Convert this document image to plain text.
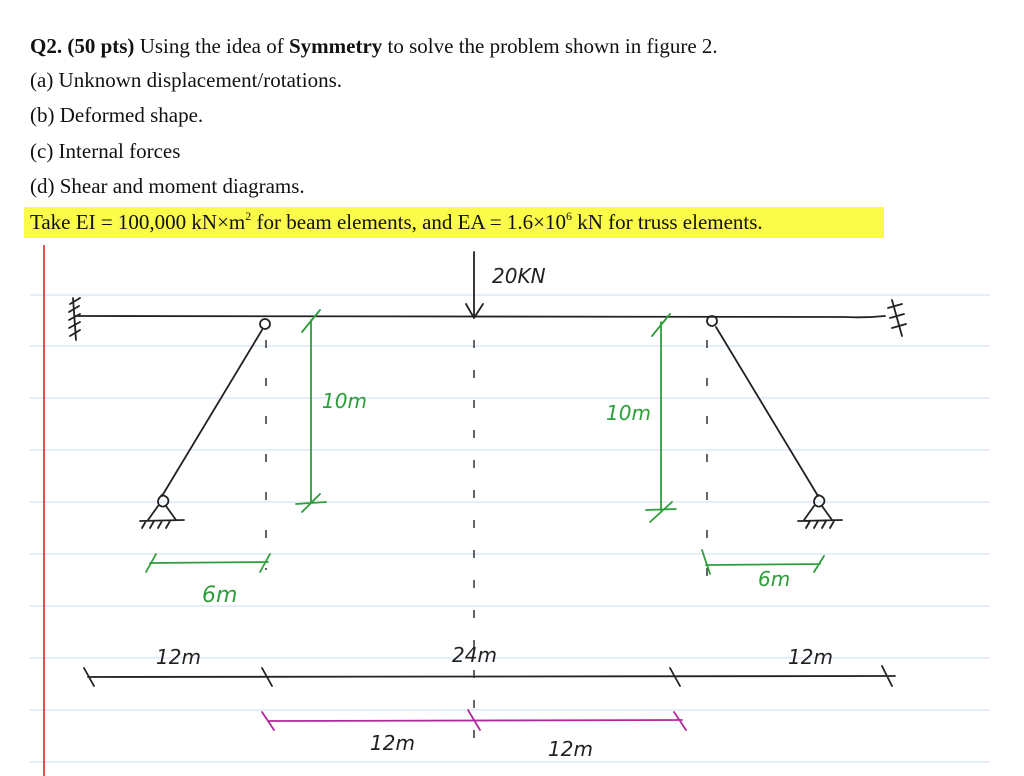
Q2. (50 pts) Using the idea of Symmetry to solve the problem shown in figure 2.
(a) Unknown displacement/rotations.
(b) Deformed shape.
(c) Internal forces
(d) Shear and moment diagrams.
Take EI = 100,000 $kN\times m^2$ for beam elements, and EA = $1.6\times 10^6$ kN for truss elements.
20KN
10m	10m
6m
6m
12m	24m	12m
12m	12m
